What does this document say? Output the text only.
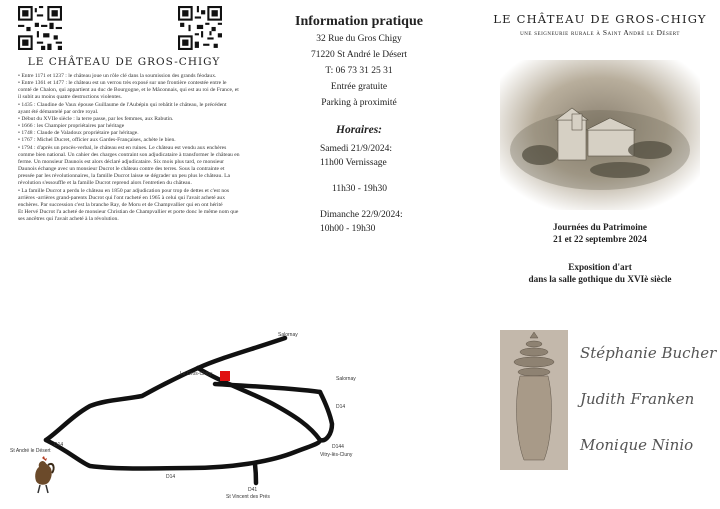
LE CHÂTEAU DE GROS-CHIGY

• Entre 1171 et 1237 : le château joue un rôle clé dans la soumission des grands féodaux.

• Entre 1361 et 1477 : le château est un verrou très exposé sur une frontière contestée entre le comté de Chalon, qui appartient au duc de Bourgogne, et le Mâconnais, qui est au roi de France, et il subit au moins quatre destructions violentes.

• 1435 : Claudine de Vaux épouse Guillaume de l'Aubépin qui rebâtit le château, le précédent ayant été démantelé par ordre royal.

• Début du XVIIe siècle : la terre passe, par les femmes, aux Rabutin.

• 1666 : les Champier propriétaires par héritage

• 1748 : Claude de Valadoux propriétaire par héritage.

• 1767 : Michel Ducret, officier aux Gardes-Françaises, achète le bien.

• 1794 : d'après un procès-verbal, le château est en ruines. Le château est vendu aux enchères comme bien national. Un cahier des charges contraint son adjudicataire à transformer le château en ferme. Un monsieur Daunois est alors déclaré adjudicataire. Six mois plus tard, ce monsieur Daunois échange avec un monsieur Ducrot le château contre des terres. Sous la contrainte et pressée par les révolutionnaires, la famille Ducrot laisse se dégrader un peu plus le château. La révolution s'essouffle et la famille Ducrot reprend alors l'entretien du château.

• La famille Ducrot a perdu le château en 1850 par adjudication pour trop de dettes et c'est nos arrières -arrières grand-parents Ducrot qui l'ont racheté en 1965 à celui qui l'avait acheté aux enchères. Par succession c'est la branche Ray, de Moru et de Champvallier qui en ont hérité

Et Hervé Ducrot l'a acheté de monsieur Christian de Champvallier et porte donc le même nom que ses ancêtres qui l'avait acheté à la révolution.

Salornay
Le Gros-Chigy
Salornay
D14
D14
St André le Désert
D144
Vitry-lès-Cluny
D14
D41
St Vincent des Prés
Information pratique
32 Rue du Gros Chigy
71220 St André le Désert
T: 06 73 31 25 31
Entrée gratuite
Parking à proximité
Horaires:
Samedi 21/9/2024:
11h00 Vernissage
11h30 - 19h30
Dimanche 22/9/2024:
10h00 - 19h30
LE CHÂTEAU DE GROS-CHIGY
une seigneurie rurale à Saint André le Désert
Journées du Patrimoine
21 et 22 septembre 2024
Exposition d'art
dans la salle gothique du XVIè siècle
Stéphanie Bucher
Judith Franken
Monique Ninio
